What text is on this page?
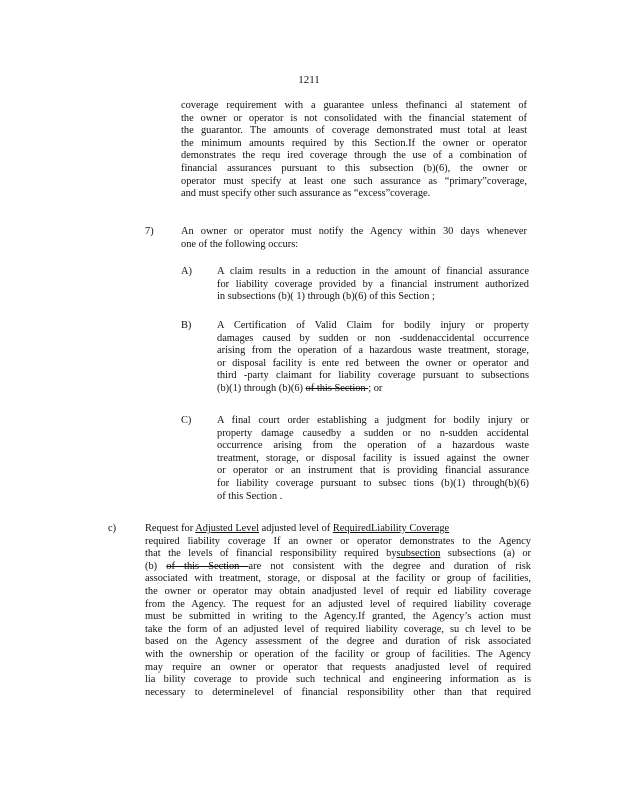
1211
coverage requirement with a guarantee unless thefinanci al statement of
the owner or operator is not consolidated with the financial statement of
the guarantor. The amounts of coverage demonstrated must total at least
the minimum amounts required by this Section.If the owner or operator
demonstrates the requ ired coverage through the use of a combination of
financial assurances pursuant to this subsection (b)(6), the owner or
operator must specify at least one such assurance as “primary”coverage,
and must specify other such assurance as “excess”coverage.
7)	An owner or operator must notify the Agency within 30 days whenever
one of the following occurs:
A) A claim results in a reduction in the amount of financial assurance
for liability coverage provided by a financial instrument authorized
in subsections (b)( 1) through (b)(6) of this Section ;
B) A Certification of Valid Claim for bodily injury or property
damages caused by sudden or non -suddenaccidental occurrence
arising from the operation of a hazardous waste treatment, storage,
or disposal facility is ente red between the owner or operator and
third -party claimant for liability coverage pursuant to subsections
(b)(1) through (b)(6) of this Section ; or
C) A final court order establishing a judgment for bodily injury or
property damage causedby a sudden or no n-sudden accidental
occurrence arising from the operation of a hazardous waste
treatment, storage, or disposal facility is issued against the owner
or operator or an instrument that is providing financial assurance
for liability coverage pursuant to subsec tions (b)(1) through(b)(6)
of this Section .
c)	Request for Adjusted Level adjusted level of RequiredLiability Coverage
required liability coverage If an owner or operator demonstrates to the Agency
that the levels of financial responsibility required bysubsection subsections (a) or
(b) of this Section are not consistent with the degree and duration of risk
associated with treatment, storage, or disposal at the facility or group of facilities,
the owner or operator may obtain anadjusted level of requir ed liability coverage
from the Agency. The request for an adjusted level of required liability coverage
must be submitted in writing to the Agency.If granted, the Agency’s action must
take the form of an adjusted level of required liability coverage, su ch level to be
based on the Agency assessment of the degree and duration of risk associated
with the ownership or operation of the facility or group of facilities. The Agency
may require an owner or operator that requests anadjusted level of required
lia bility coverage to provide such technical and engineering information as is
necessary to determinelevel of financial responsibility other than that required
